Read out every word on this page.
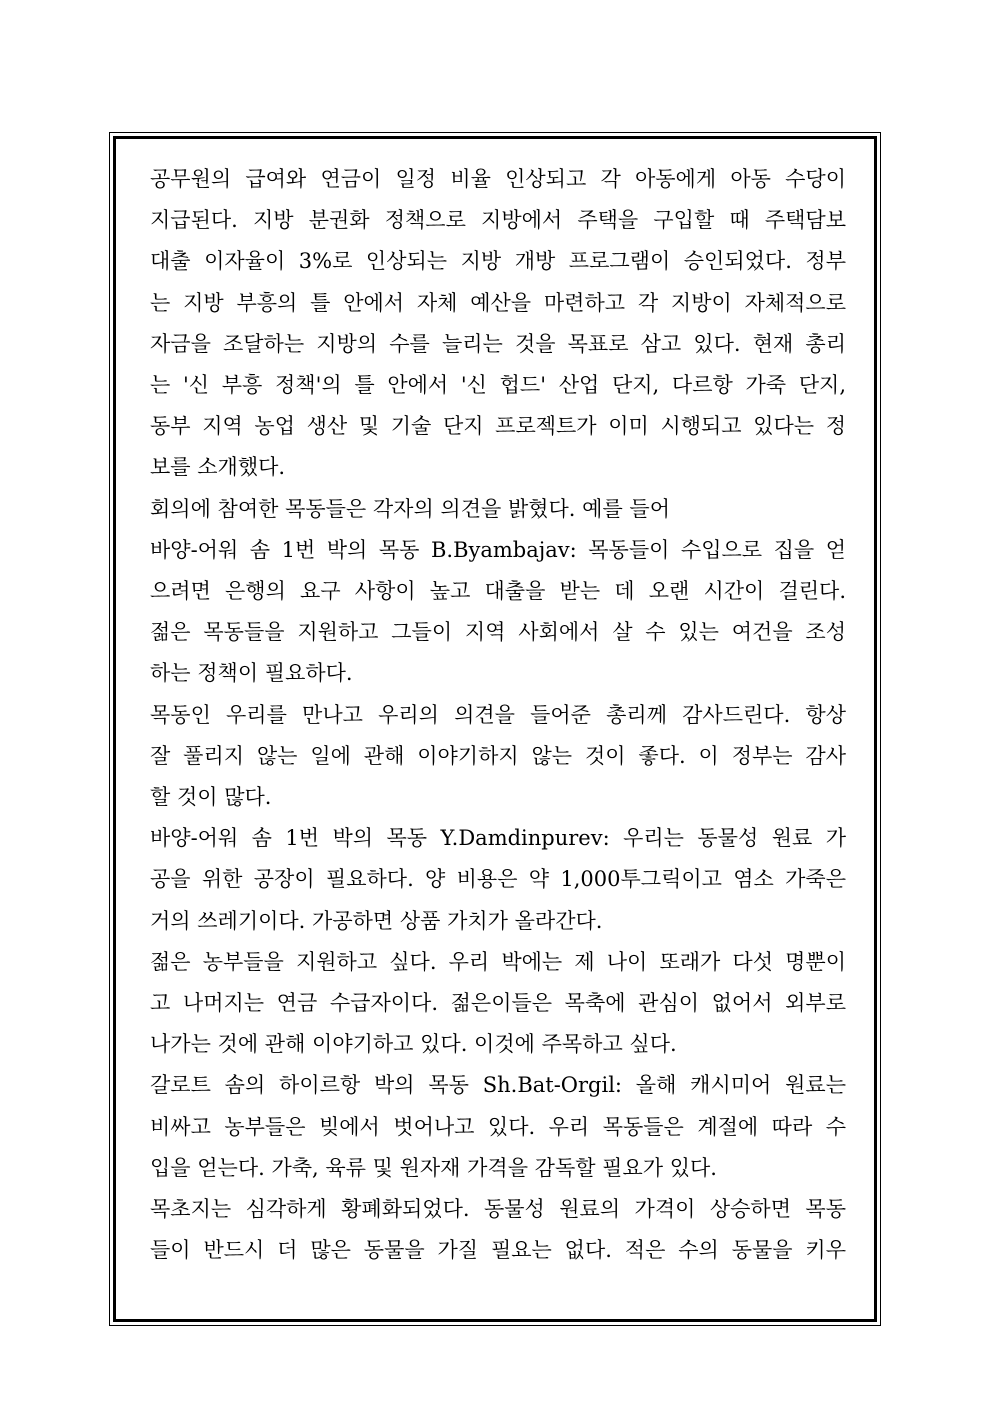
공무원의 급여와 연금이 일정 비율 인상되고 각 아동에게 아동 수당이

지급된다. 지방 분권화 정책으로 지방에서 주택을 구입할 때 주택담보

대출 이자율이 3%로 인상되는 지방 개방 프로그램이 승인되었다. 정부

는 지방 부흥의 틀 안에서 자체 예산을 마련하고 각 지방이 자체적으로

자금을 조달하는 지방의 수를 늘리는 것을 목표로 삼고 있다. 현재 총리

는 '신 부흥 정책'의 틀 안에서 '신 헙드' 산업 단지, 다르항 가죽 단지,

동부 지역 농업 생산 및 기술 단지 프로젝트가 이미 시행되고 있다는 정

보를 소개했다.

회의에 참여한 목동들은 각자의 의견을 밝혔다. 예를 들어

바양-어워 솜 1번 박의 목동 B.Byambajav: 목동들이 수입으로 집을 얻

으려면 은행의 요구 사항이 높고 대출을 받는 데 오랜 시간이 걸린다.

젊은 목동들을 지원하고 그들이 지역 사회에서 살 수 있는 여건을 조성

하는 정책이 필요하다.

목동인 우리를 만나고 우리의 의견을 들어준 총리께 감사드린다. 항상

잘 풀리지 않는 일에 관해 이야기하지 않는 것이 좋다. 이 정부는 감사

할 것이 많다.

바양-어워 솜 1번 박의 목동 Y.Damdinpurev: 우리는 동물성 원료 가

공을 위한 공장이 필요하다. 양 비용은 약 1,000투그릭이고 염소 가죽은

거의 쓰레기이다. 가공하면 상품 가치가 올라간다.

젊은 농부들을 지원하고 싶다. 우리 박에는 제 나이 또래가 다섯 명뿐이

고 나머지는 연금 수급자이다. 젊은이들은 목축에 관심이 없어서 외부로

나가는 것에 관해 이야기하고 있다. 이것에 주목하고 싶다.

갈로트 솜의 하이르항 박의 목동 Sh.Bat-Orgil: 올해 캐시미어 원료는

비싸고 농부들은 빚에서 벗어나고 있다. 우리 목동들은 계절에 따라 수

입을 얻는다. 가축, 육류 및 원자재 가격을 감독할 필요가 있다.

목초지는 심각하게 황폐화되었다. 동물성 원료의 가격이 상승하면 목동

들이 반드시 더 많은 동물을 가질 필요는 없다. 적은 수의 동물을 키우
